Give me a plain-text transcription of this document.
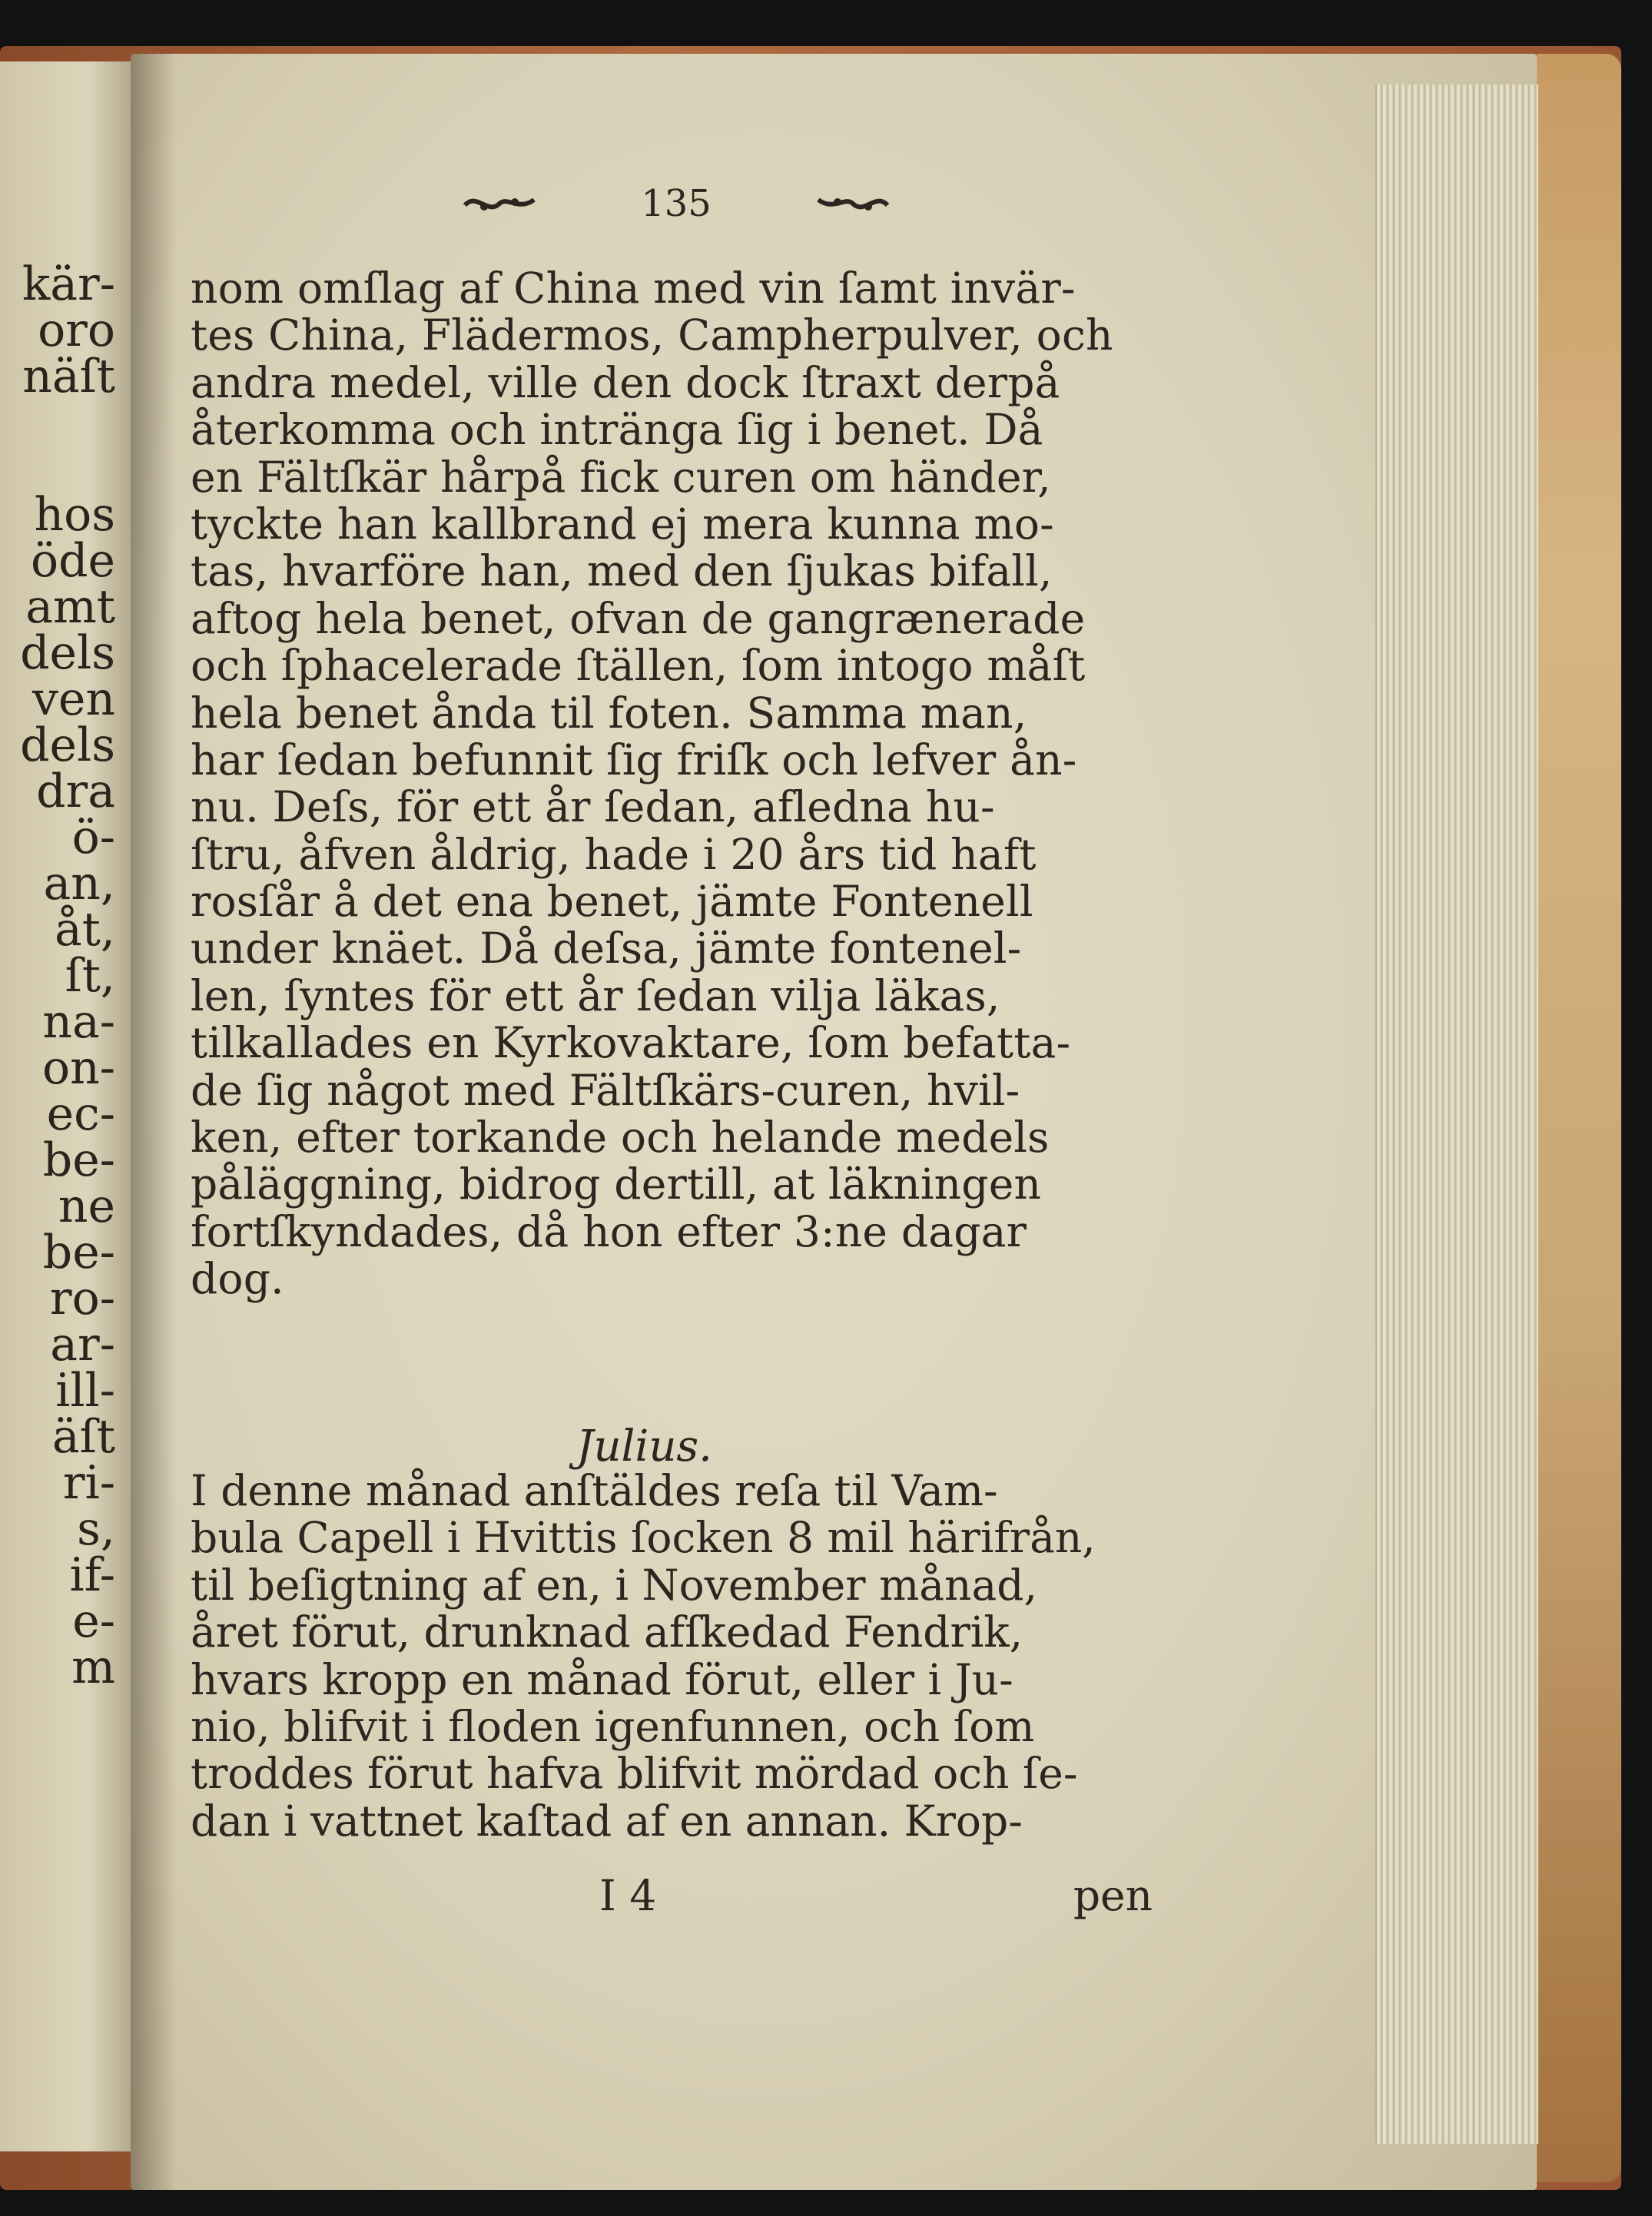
kär-
oro
näſt
hos
öde
amt
dels
ven
dels
dra
ö-
an,
åt,
ſt,
na-
on-
ec-
be-
ne
be-
ro-
ar-
ill-
äſt
ri-
s,
if-
e-
m
135
nom omſlag af China med vin ſamt invär-
tes China, Flädermos, Campherpulver, och
andra medel, ville den dock ſtraxt derpå
återkomma och intränga ſig i benet. Då
en Fältſkär hårpå fick curen om händer,
tyckte han kallbrand ej mera kunna mo-
tas, hvarföre han, med den ſjukas bifall,
aftog hela benet, ofvan de gangrænerade
och ſphacelerade ſtällen, ſom intogo måſt
hela benet ånda til foten. Samma man,
har ſedan befunnit ſig friſk och lefver ån-
nu. Deſs, för ett år ſedan, afledna hu-
ſtru, åfven åldrig, hade i 20 års tid haft
rosſår å det ena benet, jämte Fontenell
under knäet. Då deſsa, jämte fontenel-
len, ſyntes för ett år ſedan vilja läkas,
tilkallades en Kyrkovaktare, ſom befatta-
de ſig något med Fältſkärs-curen, hvil-
ken, efter torkande och helande medels
påläggning, bidrog dertill, at läkningen
fortſkyndades, då hon efter 3:ne dagar
dog.
Julius.
I denne månad anſtäldes reſa til Vam-
bula Capell i Hvittis ſocken 8 mil härifrån,
til beſigtning af en, i November månad,
året förut, drunknad afſkedad Fendrik,
hvars kropp en månad förut, eller i Ju-
nio, blifvit i floden igenfunnen, och ſom
troddes förut hafva blifvit mördad och ſe-
dan i vattnet kaſtad af en annan. Krop-
I 4	pen
